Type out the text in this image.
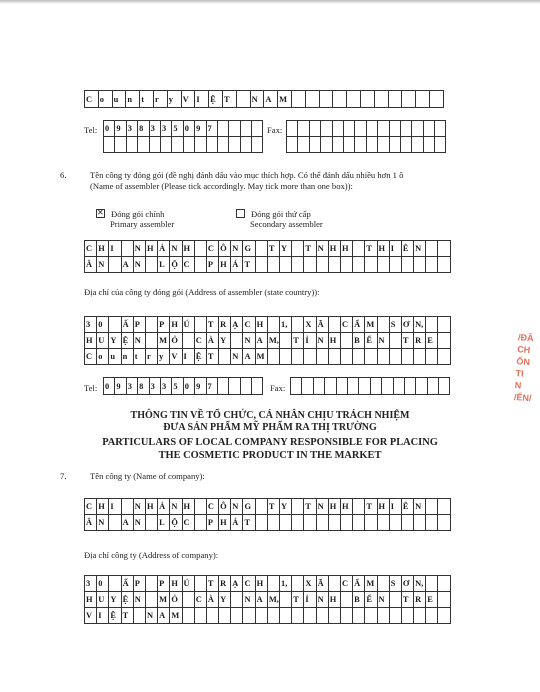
C o	u	n	t	r	y	V I	Ệ T	N A M
Tel: 0 9 3 8 3 3 5 0 9 7	Fax:
6.	Tên công ty đóng gói (đề nghị đánh dấu vào mục thích hợp. Có thể đánh dấu nhiều hơn 1 ô
(Name of assembler (Please tick accordingly. May tick more than one box)):
✕Đóng gói chính
Primary assembler
Đóng gói thứ cấp
Secondary assembler
C H I	N H Á N H	C Ô N G	T Y	T N H H	T H I	Ê N
Â N	A N	L Ộ C	P H Á T
Địa chỉ của công ty đóng gói (Address of assembler (state country)):
3 0	Ấ P	P H Ú	T R Ạ C H	1,	X Ã	C Ẩ M	S Ơ N,
H U Y Ệ N	M Ỏ	C À Y	N A M, T Ỉ	N H	B Ế N	T R E
C o u n t	r	y V I	Ệ T	N A M
Tel: 0 9 3 8 3 3 5 0 9 7	Fax:
THÔNG TIN VỀ TỔ CHỨC, CÁ NHÂN CHỊU TRÁCH NHIỆM
ĐƯA SẢN PHẨM MỸ PHẨM RA THỊ TRƯỜNG
PARTICULARS OF LOCAL COMPANY RESPONSIBLE FOR PLACING
THE COSMETIC PRODUCT IN THE MARKET
7.	Tên công ty (Name of company):
C H I	N H Á N H	C Ô N G	T Y	T N H H	T H I	Ê N
Â N	A N	L Ộ C	P H Á T
Địa chỉ công ty (Address of company):
3 0	Ấ P	P H Ú	T R Ạ C H	1,	X Ã	C Ẩ M	S Ơ N,
H U Y Ệ N	M Ỏ	C À Y	N A M, T Ỉ	N H	B Ế N	T R E
V I	Ệ T	N A M
/ĐĂ
CH
ỐN
TI
N
/ỂN/
